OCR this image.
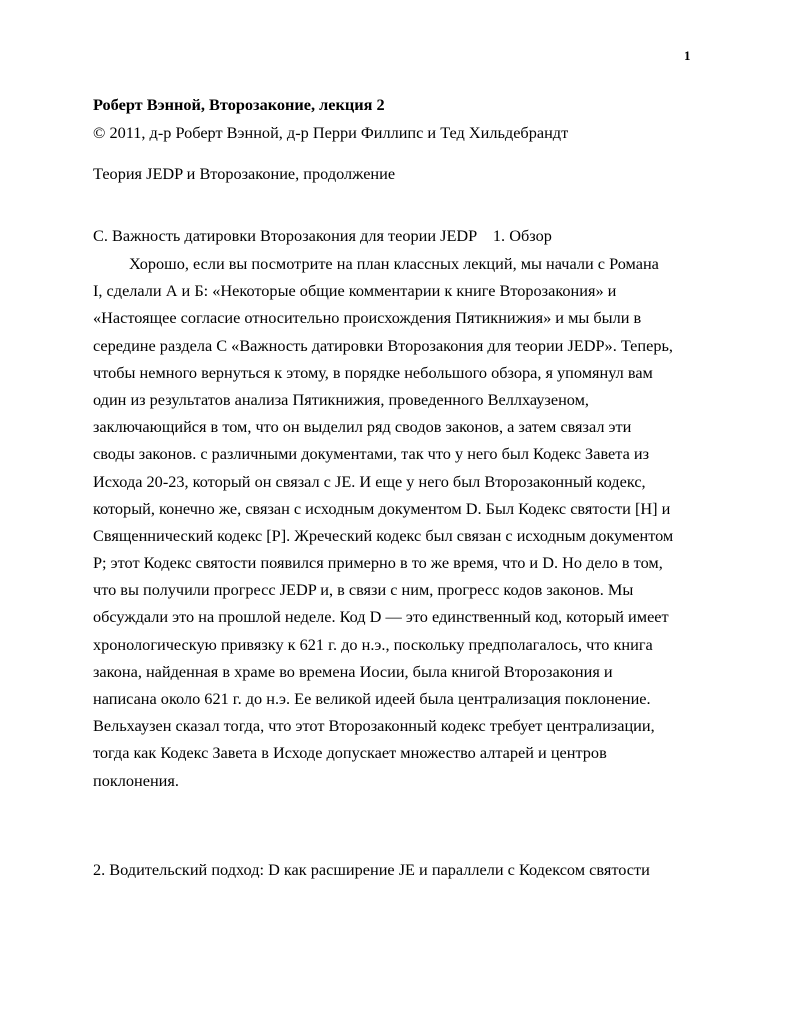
1
Роберт Вэнной, Второзаконие, лекция 2
© 2011, д-р Роберт Вэнной, д-р Перри Филлипс и Тед Хильдебрандт
Теория JEDP и Второзаконие, продолжение
C. Важность датировки Второзакония для теории JEDP    1. Обзор
Хорошо, если вы посмотрите на план классных лекций, мы начали с Романа
I, сделали А и Б: «Некоторые общие комментарии к книге Второзакония» и
«Настоящее согласие относительно происхождения Пятикнижия» и мы были в
середине раздела С «Важность датировки Второзакония для теории JEDP». Теперь,
чтобы немного вернуться к этому, в порядке небольшого обзора, я упомянул вам
один из результатов анализа Пятикнижия, проведенного Веллхаузеном,
заключающийся в том, что он выделил ряд сводов законов, а затем связал эти
своды законов. с различными документами, так что у него был Кодекс Завета из
Исхода 20-23, который он связал с JE. И еще у него был Второзаконный кодекс,
который, конечно же, связан с исходным документом D. Был Кодекс святости [H] и
Священнический кодекс [P]. Жреческий кодекс был связан с исходным документом
P; этот Кодекс святости появился примерно в то же время, что и D. Но дело в том,
что вы получили прогресс JEDP и, в связи с ним, прогресс кодов законов. Мы
обсуждали это на прошлой неделе. Код D — это единственный код, который имеет
хронологическую привязку к 621 г. до н.э., поскольку предполагалось, что книга
закона, найденная в храме во времена Иосии, была книгой Второзакония и
написана около 621 г. до н.э. Ее великой идеей была централизация поклонение.
Вельхаузен сказал тогда, что этот Второзаконный кодекс требует централизации,
тогда как Кодекс Завета в Исходе допускает множество алтарей и центров
поклонения.
2. Водительский подход: D как расширение JE и параллели с Кодексом святости
